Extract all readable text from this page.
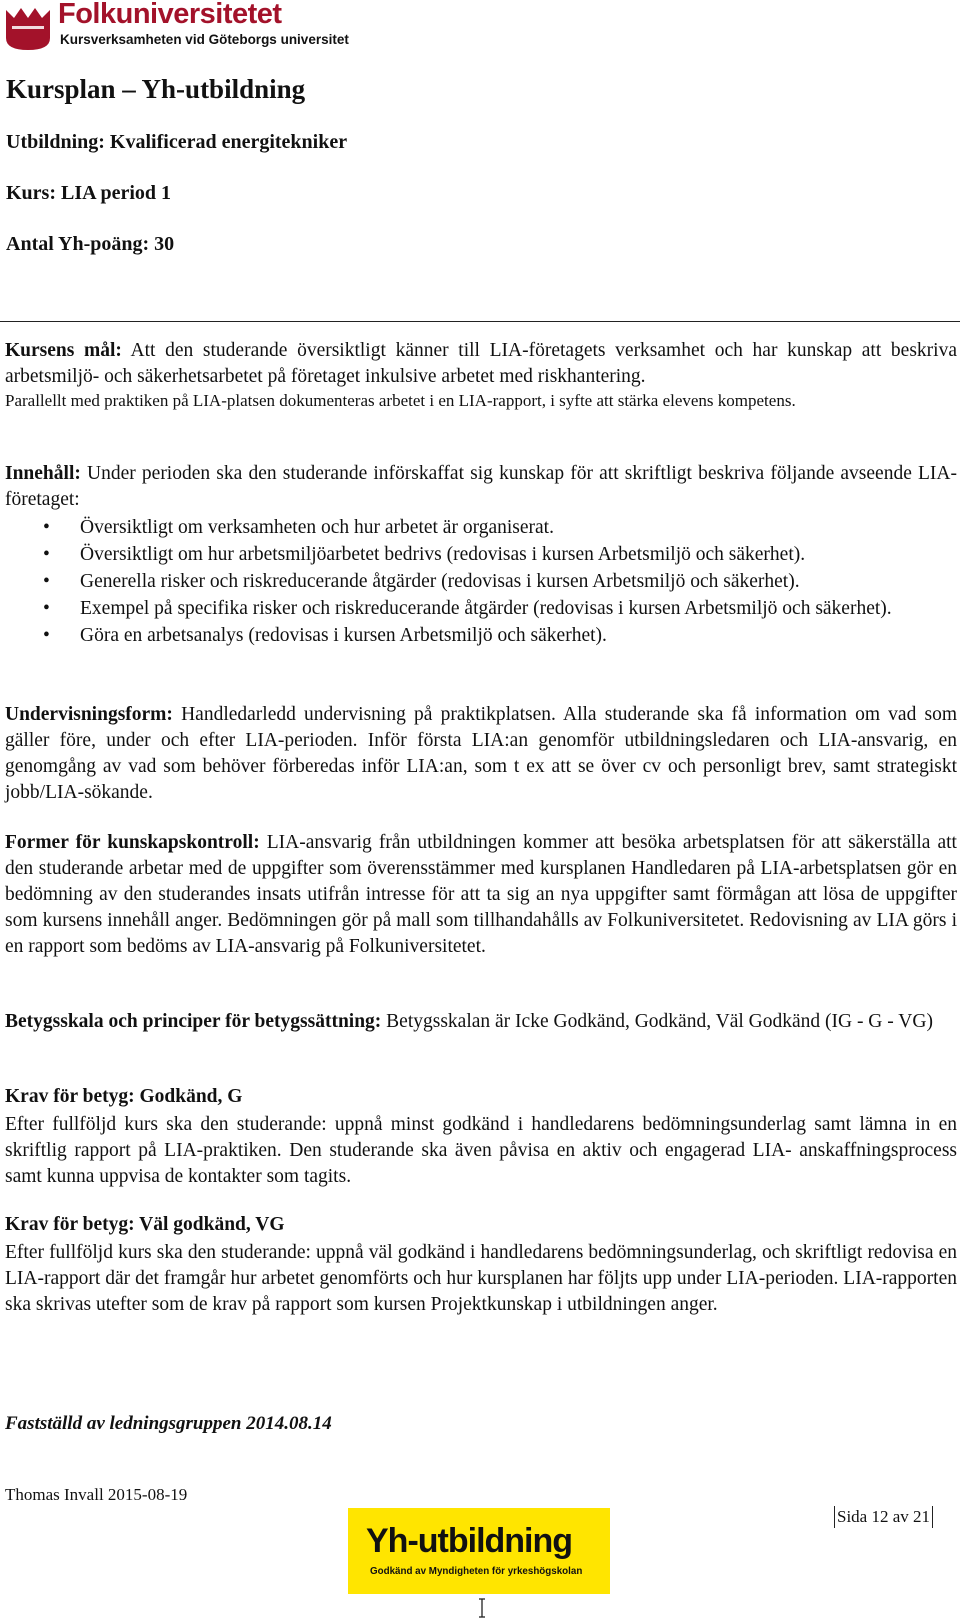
Folkuniversitetet
Kursverksamheten vid Göteborgs universitet
Kursplan – Yh-utbildning
Utbildning: Kvalificerad energitekniker
Kurs: LIA period 1
Antal Yh-poäng: 30
Kursens mål: Att den studerande översiktligt känner till LIA-företagets verksamhet och har kunskap att beskriva arbetsmiljö- och säkerhetsarbetet på företaget inkulsive arbetet med riskhantering.
Parallellt med praktiken på LIA-platsen dokumenteras arbetet i en LIA-rapport, i syfte att stärka elevens kompetens.
Innehåll: Under perioden ska den studerande införskaffat sig kunskap för att skriftligt beskriva följande avseende LIA-företaget:
• Översiktligt om verksamheten och hur arbetet är organiserat.
• Översiktligt om hur arbetsmiljöarbetet bedrivs (redovisas i kursen Arbetsmiljö och säkerhet).
• Generella risker och riskreducerande åtgärder (redovisas i kursen Arbetsmiljö och säkerhet).
• Exempel på specifika risker och riskreducerande åtgärder (redovisas i kursen Arbetsmiljö och säkerhet).
• Göra en arbetsanalys (redovisas i kursen Arbetsmiljö och säkerhet).
Undervisningsform: Handledarledd undervisning på praktikplatsen. Alla studerande ska få information om vad som gäller före, under och efter LIA-perioden. Inför första LIA:an genomför utbildningsledaren och LIA-ansvarig, en genomgång av vad som behöver förberedas inför LIA:an, som t ex att se över cv och personligt brev, samt strategiskt jobb/LIA-sökande.
Former för kunskapskontroll: LIA-ansvarig från utbildningen kommer att besöka arbetsplatsen för att säkerställa att den studerande arbetar med de uppgifter som överensstämmer med kursplanen Handledaren på LIA-arbetsplatsen gör en bedömning av den studerandes insats utifrån intresse för att ta sig an nya uppgifter samt förmågan att lösa de uppgifter som kursens innehåll anger. Bedömningen gör på mall som tillhandahålls av Folkuniversitetet. Redovisning av LIA görs i en rapport som bedöms av LIA-ansvarig på Folkuniversitetet.
Betygsskala och principer för betygssättning: Betygsskalan är Icke Godkänd, Godkänd, Väl Godkänd (IG - G - VG)
Krav för betyg: Godkänd, G
Efter fullföljd kurs ska den studerande: uppnå minst godkänd i handledarens bedömningsunderlag samt lämna in en skriftlig rapport på LIA-praktiken. Den studerande ska även påvisa en aktiv och engagerad LIA- anskaffningsprocess samt kunna uppvisa de kontakter som tagits.
Krav för betyg: Väl godkänd, VG
Efter fullföljd kurs ska den studerande: uppnå väl godkänd i handledarens bedömningsunderlag, och skriftligt redovisa en LIA-rapport där det framgår hur arbetet genomförts och hur kursplanen har följts upp under LIA-perioden. LIA-rapporten ska skrivas utefter som de krav på rapport som kursen Projektkunskap i utbildningen anger.
Fastställd av ledningsgruppen 2014.08.14
Thomas Invall 2015-08-19
Yh-utbildning
Godkänd av Myndigheten för yrkeshögskolan
Sida 12 av 21
